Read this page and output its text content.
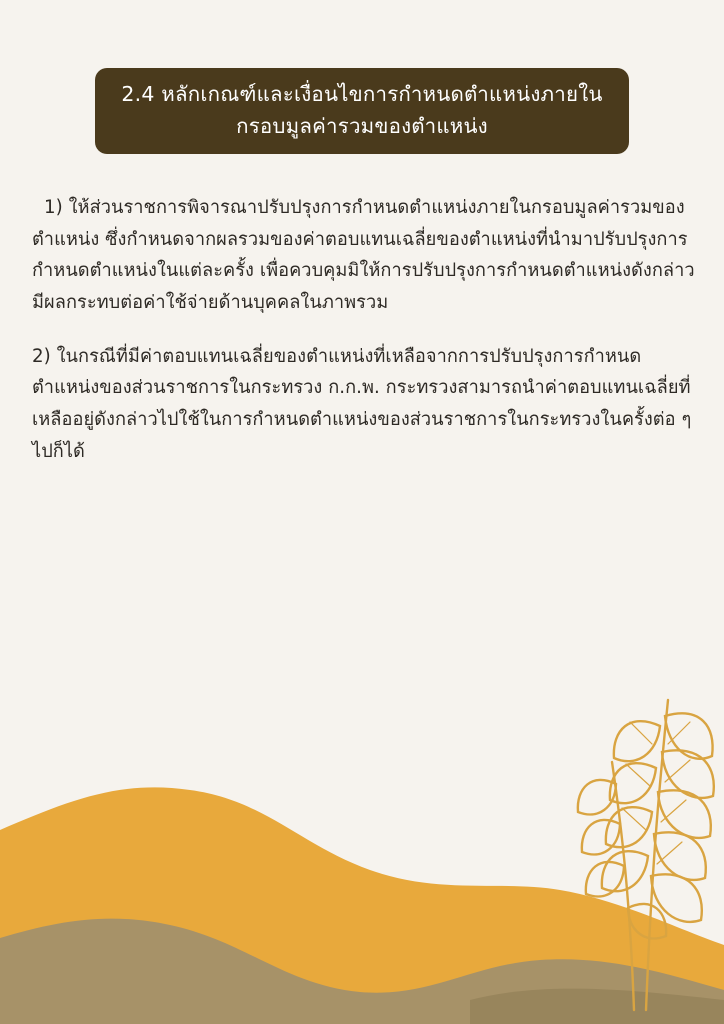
2.4 หลักเกณฑ์และเงื่อนไขการกำหนดตำแหน่งภายในกรอบมูลค่ารวมของตำแหน่ง

1) ให้ส่วนราชการพิจารณาปรับปรุงการกำหนดตำแหน่งภายในกรอบมูลค่ารวมของตำแหน่ง ซึ่งกำหนดจากผลรวมของค่าตอบแทนเฉลี่ยของตำแหน่งที่นำมาปรับปรุงการกำหนดตำแหน่งในแต่ละครั้ง เพื่อควบคุมมิให้การปรับปรุงการกำหนดตำแหน่งดังกล่าว มีผลกระทบต่อค่าใช้จ่ายด้านบุคคลในภาพรวม

2) ในกรณีที่มีค่าตอบแทนเฉลี่ยของตำแหน่งที่เหลือจากการปรับปรุงการกำหนดตำแหน่งของส่วนราชการในกระทรวง ก.ก.พ. กระทรวงสามารถนำค่าตอบแทนเฉลี่ยที่เหลืออยู่ดังกล่าวไปใช้ในการกำหนดตำแหน่งของส่วนราชการในกระทรวงในครั้งต่อ ๆ ไปก็ได้
